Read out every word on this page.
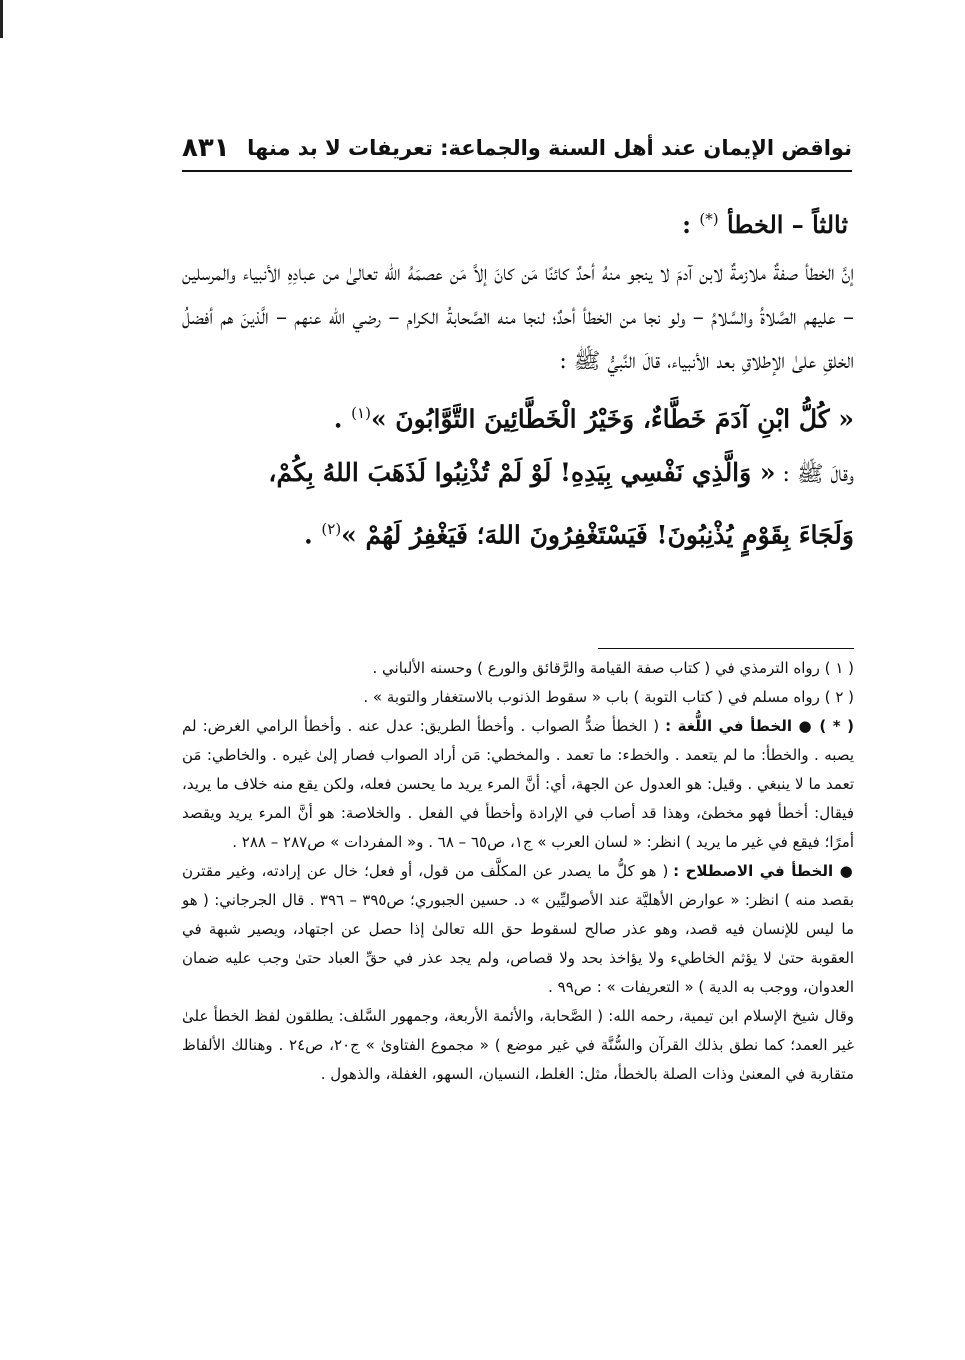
٨٣١ نواقض الإيمان عند أهل السنة والجماعة: تعريفات لا بد منها
ثالثاً – الخطأ (*) :

إنَّ الخطأ صفةٌ ملازمةٌ لابن آدمَ لا ينجو منهُ أحدٌ كائنًا مَن كانَ إلاَّ مَن عصمَهُ الله تعالىٰ من عبادِهِ الأنبياء والمرسلين – عليهم الصَّلاةُ والسَّلامُ – ولو نجا من الخطأ أحدٌ؛ لنجا منه الصَّحابةُ الكرام – رضي الله عنهم – الَّذينَ هم أفضلُ الخلقِ علىٰ الإطلاقِ بعد الأنبياء، قالَ النَّبيُّ ﷺ :

« كُلُّ ابْنِ آدَمَ خَطَّاءٌ، وَخَيْرُ الْخَطَّائِينَ التَّوَّابُونَ »$^{(١)}$ .

وقالَ ﷺ : « وَالَّذِي نَفْسِي بِيَدِهِ! لَوْ لَمْ تُذْنِبُوا لَذَهَبَ اللهُ بِكُمْ،

وَلَجَاءَ بِقَوْمٍ يُذْنِبُونَ! فَيَسْتَغْفِرُونَ اللهَ؛ فَيَغْفِرُ لَهُمْ »$^{(٢)}$ .

( ١ ) رواه الترمذي في ( كتاب صفة القيامة والرَّقائق والورع ) وحسنه الألباني .

( ٢ ) رواه مسلم في ( كتاب التوبة ) باب « سقوط الذنوب بالاستغفار والتوبة » .

( * ) ● الخطأ في اللُّغة : ( الخطأ ضدُّ الصواب . وأخطأ الطريق: عدل عنه . وأخطأ الرامي الغرض: لم يصبه . والخطأ: ما لم يتعمد . والخطء: ما تعمد . والمخطي: مَن أراد الصواب فصار إلىٰ غيره . والخاطي: مَن تعمد ما لا ينبغي . وقيل: هو العدول عن الجهة، أي: أنَّ المرء يريد ما يحسن فعله، ولكن يقع منه خلاف ما يريد، فيقال: أخطأ فهو مخطئ، وهذا قد أصاب في الإرادة وأخطأ في الفعل . والخلاصة: هو أنَّ المرء يريد ويقصد أمرًا؛ فيقع في غير ما يريد ) انظر: « لسان العرب » ج١، ص٦٥ – ٦٨ . و« المفردات » ص٢٨٧ – ٢٨٨ .

● الخطأ في الاصطلاح : ( هو كلُّ ما يصدر عن المكلَّف من قول، أو فعل؛ خال عن إرادته، وغير مقترن بقصد منه ) انظر: « عوارض الأهليَّة عند الأصوليِّين » د. حسين الجبوري؛ ص٣٩٥ – ٣٩٦ . قال الجرجاني: ( هو ما ليس للإنسان فيه قصد، وهو عذر صالح لسقوط حق الله تعالىٰ إذا حصل عن اجتهاد، ويصير شبهة في العقوبة حتىٰ لا يؤثم الخاطيء ولا يؤاخذ بحد ولا قصاص، ولم يجد عذر في حقِّ العباد حتىٰ وجب عليه ضمان العدوان، ووجب به الدية ) « التعريفات » : ص٩٩ .

وقال شيخ الإسلام ابن تيمية، رحمه الله: ( الصَّحابة، والأئمة الأربعة، وجمهور السَّلف: يطلقون لفظ الخطأ علىٰ غير العمد؛ كما نطق بذلك القرآن والسُّنَّة في غير موضع ) « مجموع الفتاوىٰ » ج٢٠، ص٢٤ . وهنالك الألفاظ متقاربة في المعنىٰ وذات الصلة بالخطأ، مثل: الغلط، النسيان، السهو، الغفلة، والذهول .
